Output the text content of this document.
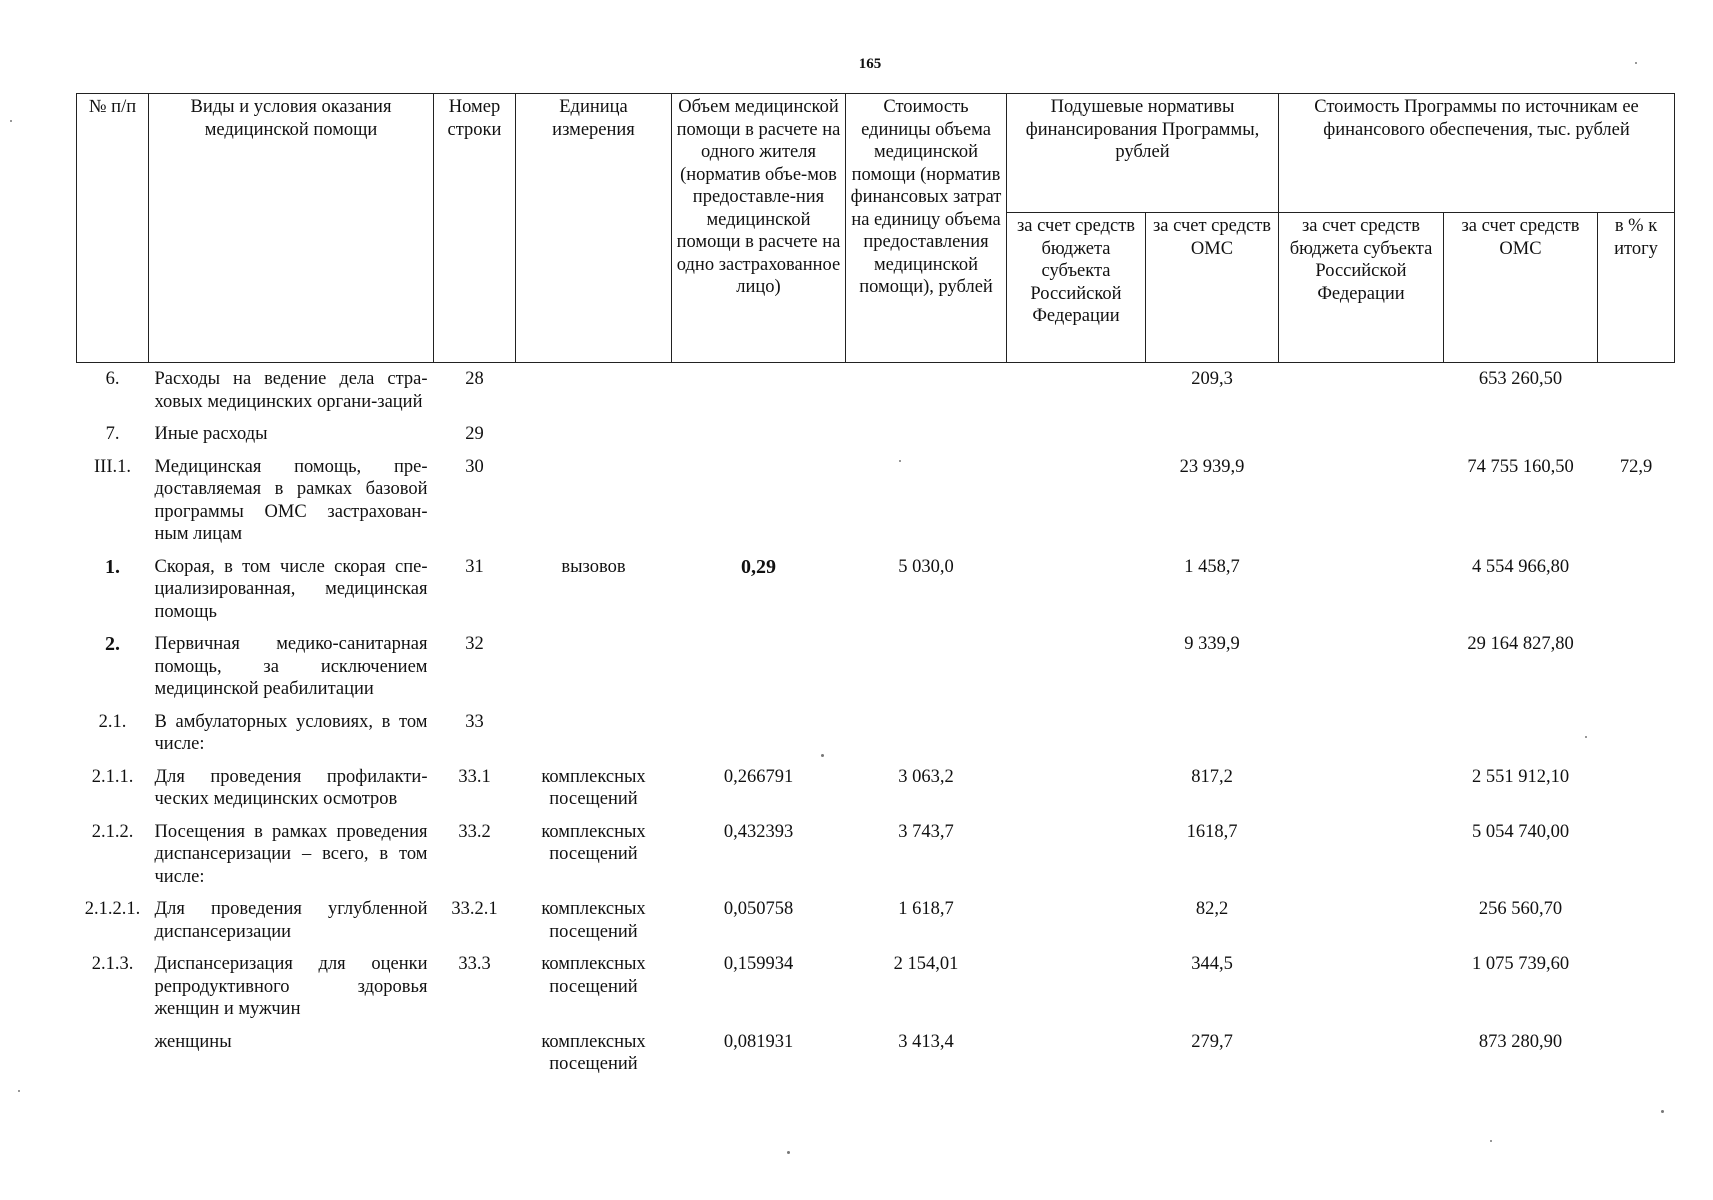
165
№ п/п	Виды и условия оказания медицинской помощи	Номер строки	Единица измерения	Объем медицинской помощи в расчете на одного жителя (норматив объе-мов предоставле-ния медицинской помощи в расчете на одно застрахованное лицо)	Стоимость единицы объема медицинской помощи (норматив финансовых затрат на единицу объема предоставления медицинской помощи), рублей	Подушевые нормативы финансирования Программы, рублей		Стоимость Программы по источникам ее финансового обеспечения, тыс. рублей		
						за счет средств бюджета субъекта Российской Федерации	за счет средств ОМС	за счет средств бюджета субъекта Российской Федерации	за счет средств ОМС	в % к итогу
6.	Расходы на ведение дела стра-ховых медицинских органи-заций	28					209,3		653 260,50	
7.	Иные расходы	29								
III.1.	Медицинская помощь, пре-доставляемая в рамках базовой программы ОМС застрахован-ным лицам	30					23 939,9		74 755 160,50	72,9
1.	Скорая, в том числе скорая спе-циализированная, медицинская помощь	31	вызовов	0,29	5 030,0		1 458,7		4 554 966,80	
2.	Первичная медико-санитарная помощь, за исключением медицинской реабилитации	32					9 339,9		29 164 827,80	
2.1.	В амбулаторных условиях, в том числе:	33								
2.1.1.	Для проведения профилакти-ческих медицинских осмотров	33.1	комплексных посещений	0,266791	3 063,2		817,2		2 551 912,10	
2.1.2.	Посещения в рамках проведения диспансеризации – всего, в том числе:	33.2	комплексных посещений	0,432393	3 743,7		1618,7		5 054 740,00	
2.1.2.1.	Для проведения углубленной диспансеризации	33.2.1	комплексных посещений	0,050758	1 618,7		82,2		256 560,70	
2.1.3.	Диспансеризация для оценки репродуктивного здоровья женщин и мужчин	33.3	комплексных посещений	0,159934	2 154,01		344,5		1 075 739,60	
	женщины		комплексных посещений	0,081931	3 413,4		279,7		873 280,90	
